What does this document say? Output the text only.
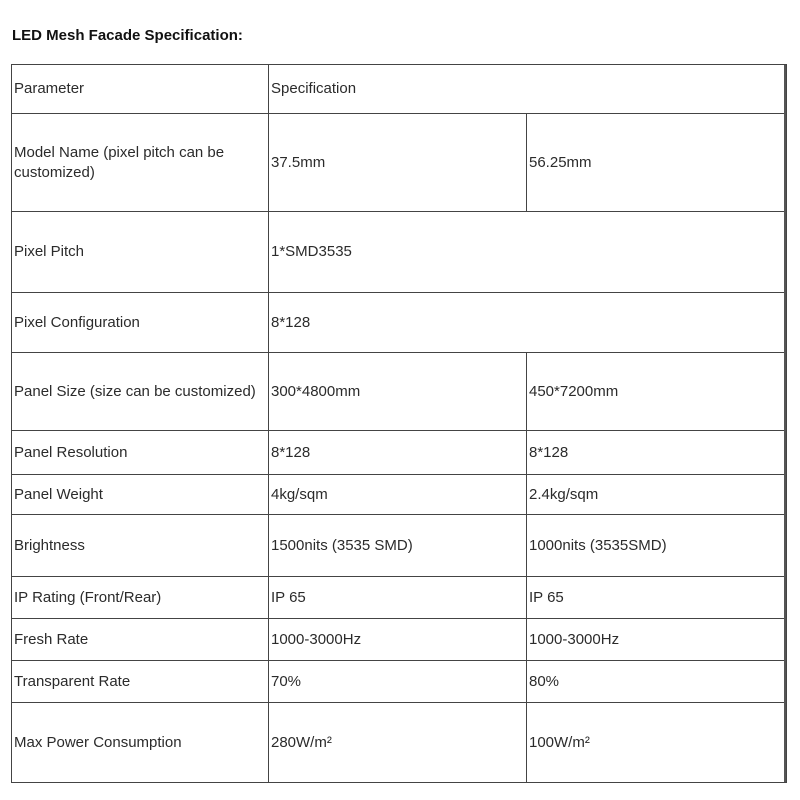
LED Mesh Facade Specification:
Parameter	Specification	
Model Name (pixel pitch can be customized)	37.5mm	56.25mm
Pixel Pitch	1*SMD3535	
Pixel Configuration	8*128	
Panel Size (size can be customized)	300*4800mm	450*7200mm
Panel Resolution	8*128	8*128
Panel Weight	4kg/sqm	2.4kg/sqm
Brightness	1500nits (3535 SMD)	1000nits (3535SMD)
IP Rating (Front/Rear)	IP 65	IP 65
Fresh Rate	1000-3000Hz	1000-3000Hz
Transparent Rate	70%	80%
Max Power Consumption	280W/m²	100W/m²
